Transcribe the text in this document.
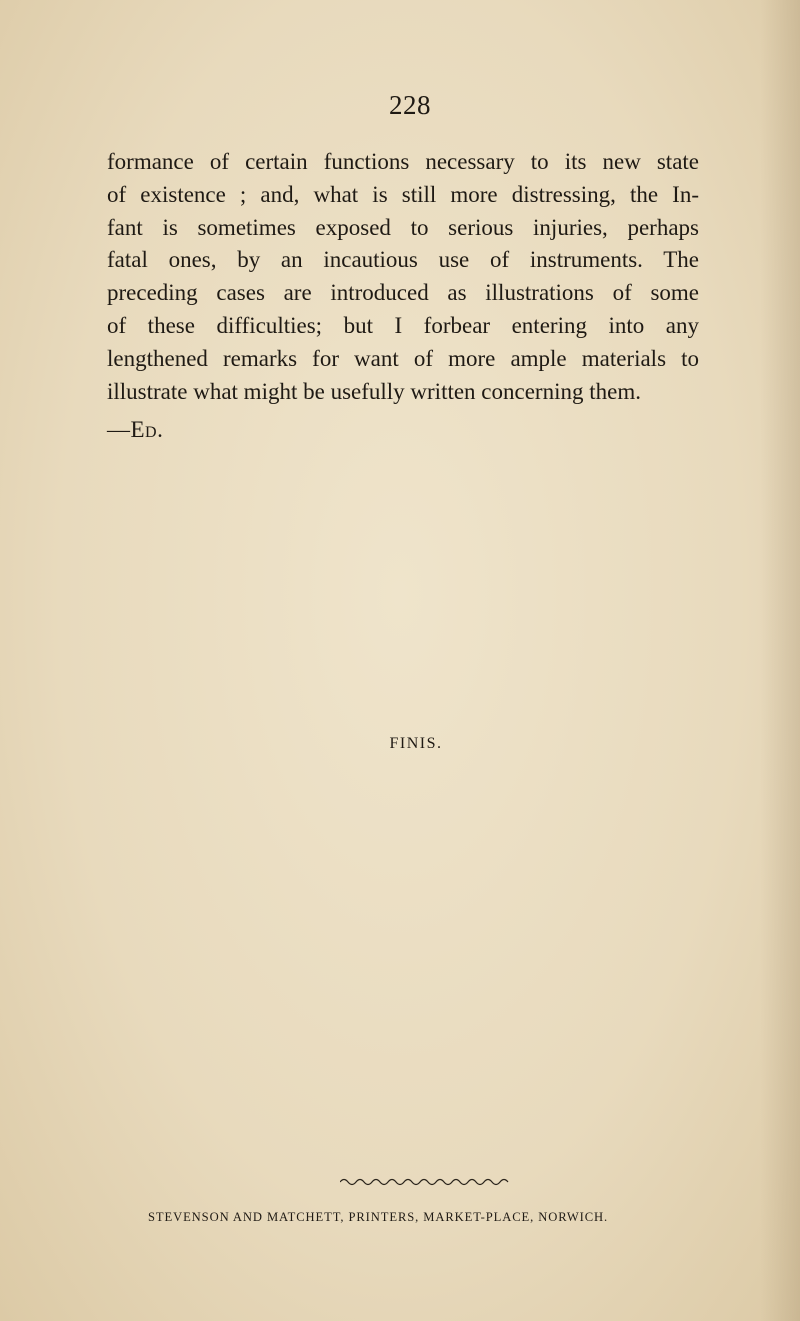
228
formance of certain functions necessary to its new state
of existence ; and, what is still more distressing, the In-
fant is sometimes exposed to serious injuries, perhaps
fatal ones, by an incautious use of instruments. The
preceding cases are introduced as illustrations of some
of these difficulties; but I forbear entering into any
lengthened remarks for want of more ample materials to
illustrate what might be usefully written concerning them.
—Ed.
FINIS.
STEVENSON AND MATCHETT, PRINTERS, MARKET-PLACE, NORWICH.
